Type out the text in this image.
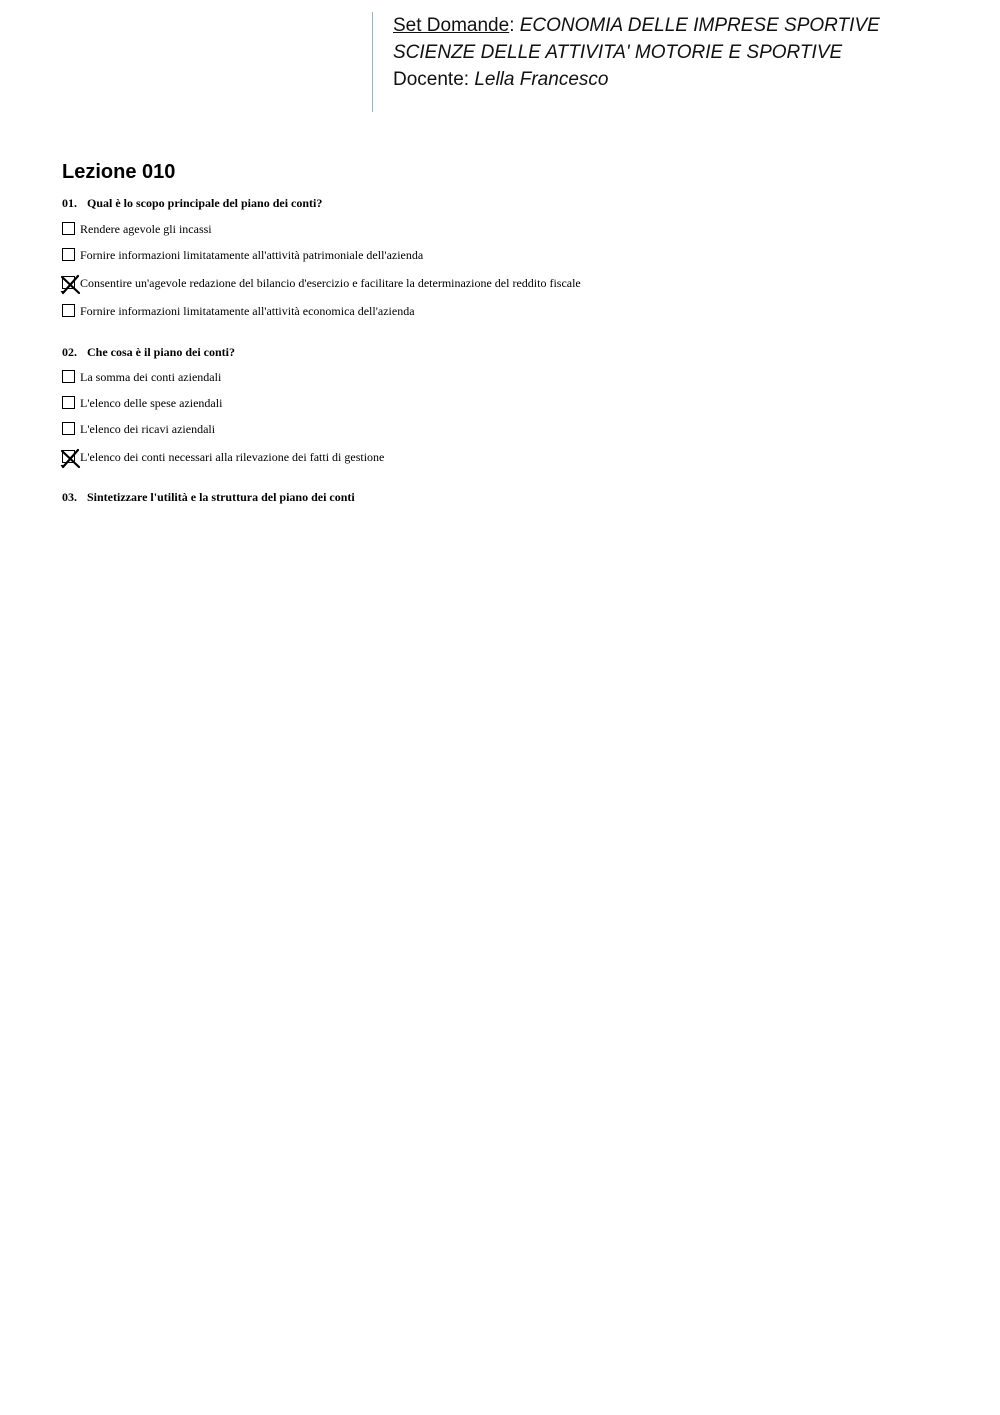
Set Domande: ECONOMIA DELLE IMPRESE SPORTIVE
SCIENZE DELLE ATTIVITA' MOTORIE E SPORTIVE
Docente: Lella Francesco
Lezione 010
01. Qual è lo scopo principale del piano dei conti?
Rendere agevole gli incassi
Fornire informazioni limitatamente all'attività patrimoniale dell'azienda
Consentire un'agevole redazione del bilancio d'esercizio e facilitare la determinazione del reddito fiscale
Fornire informazioni limitatamente all'attività economica dell'azienda
02. Che cosa è il piano dei conti?
La somma dei conti aziendali
L'elenco delle spese aziendali
L'elenco dei ricavi aziendali
L'elenco dei conti necessari alla rilevazione dei fatti di gestione
03. Sintetizzare l'utilità e la struttura del piano dei conti
